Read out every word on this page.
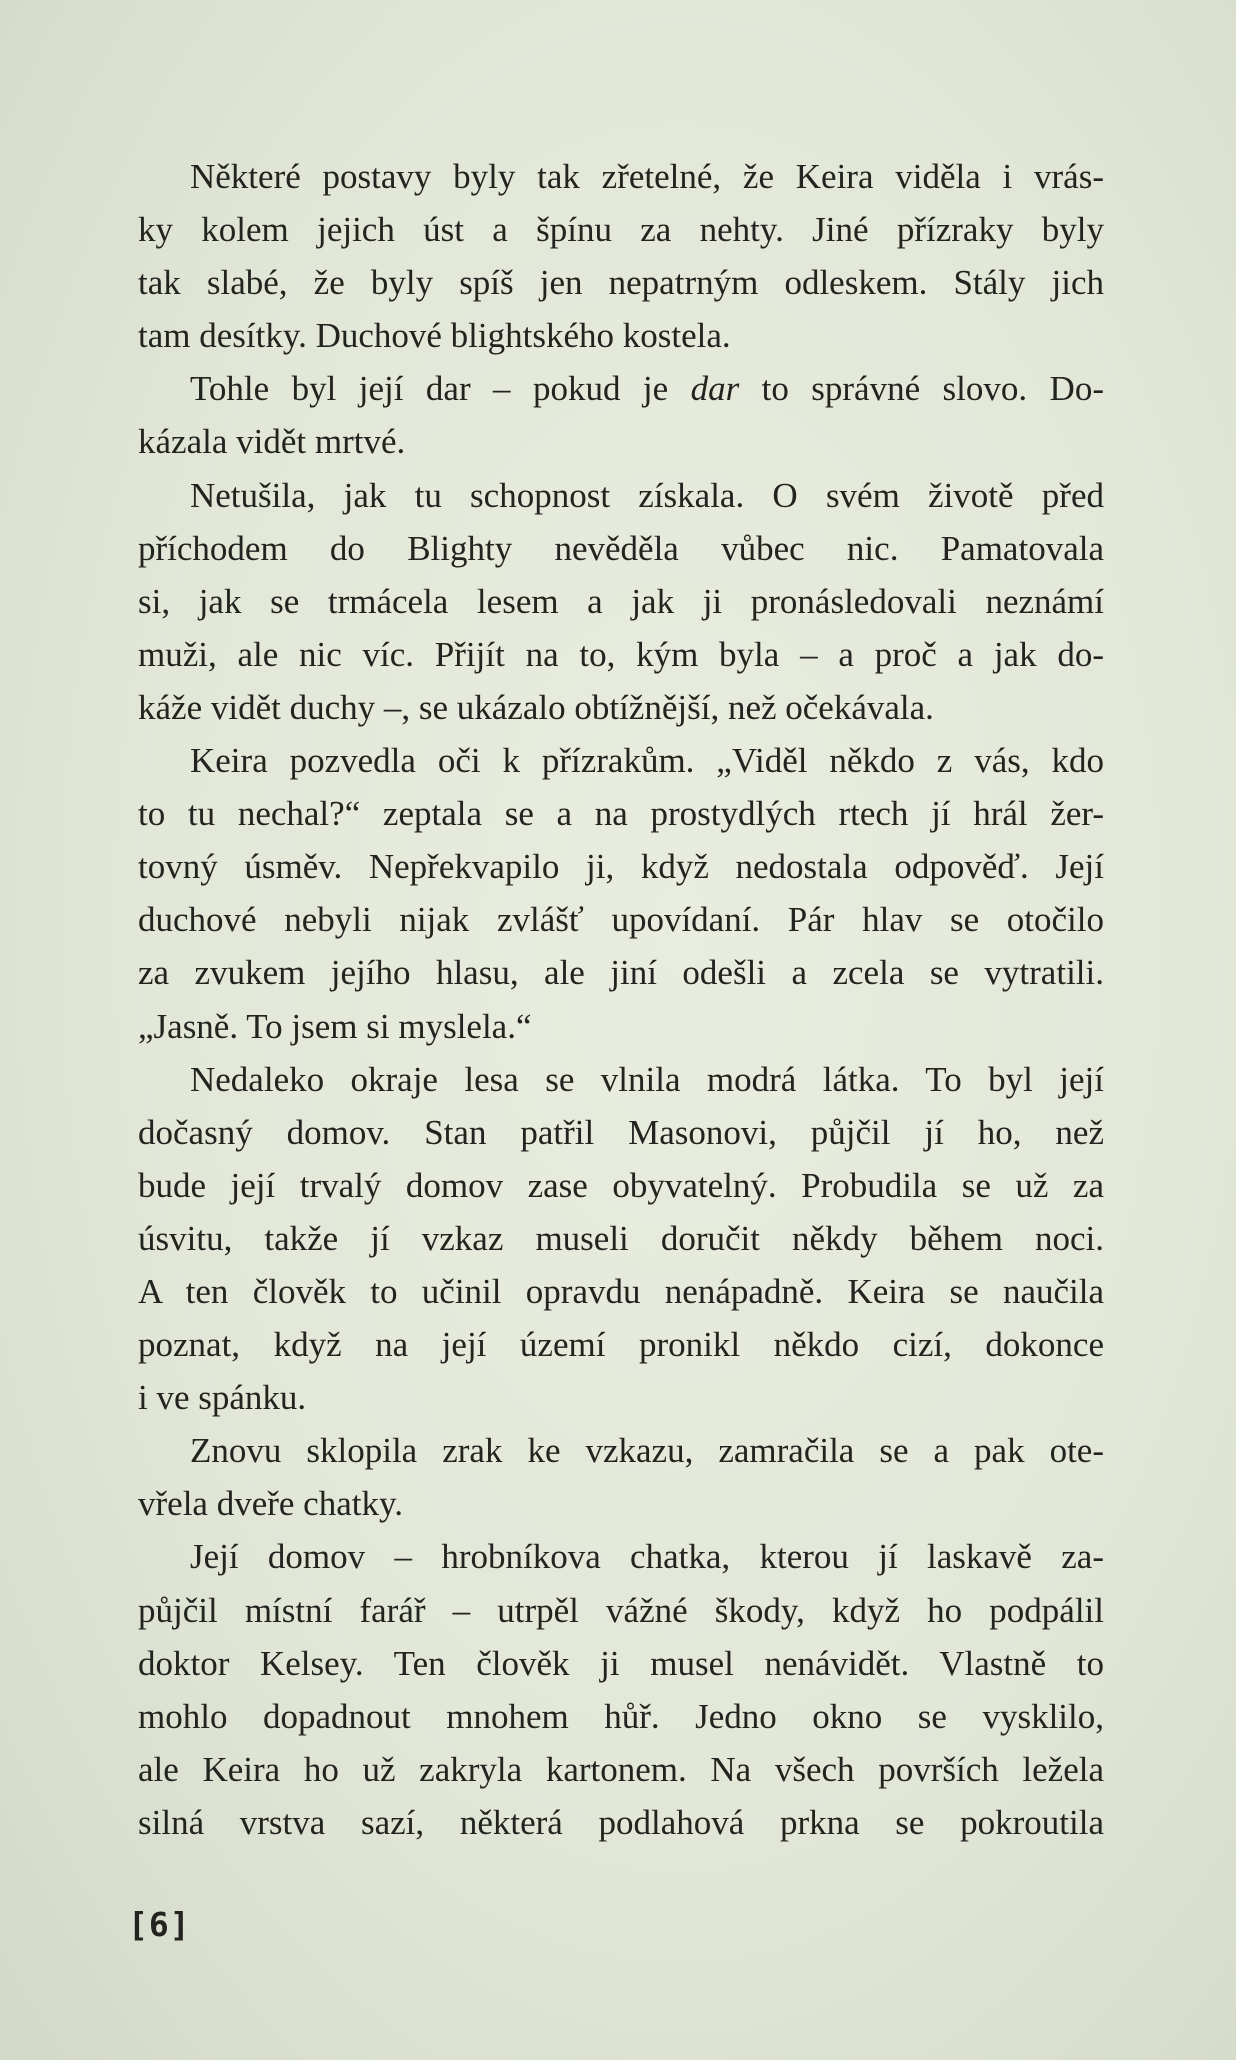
Některé postavy byly tak zřetelné, že Keira viděla i vrás-
ky kolem jejich úst a špínu za nehty. Jiné přízraky byly
tak slabé, že byly spíš jen nepatrným odleskem. Stály jich
tam desítky. Duchové blightského kostela.
Tohle byl její dar – pokud je dar to správné slovo. Do-
kázala vidět mrtvé.
Netušila, jak tu schopnost získala. O svém životě před
příchodem do Blighty nevěděla vůbec nic. Pamatovala
si, jak se trmácela lesem a jak ji pronásledovali neznámí
muži, ale nic víc. Přijít na to, kým byla – a proč a jak do-
káže vidět duchy –, se ukázalo obtížnější, než očekávala.
Keira pozvedla oči k přízrakům. „Viděl někdo z vás, kdo
to tu nechal?“ zeptala se a na prostydlých rtech jí hrál žer-
tovný úsměv. Nepřekvapilo ji, když nedostala odpověď. Její
duchové nebyli nijak zvlášť upovídaní. Pár hlav se otočilo
za zvukem jejího hlasu, ale jiní odešli a zcela se vytratili.
„Jasně. To jsem si myslela.“
Nedaleko okraje lesa se vlnila modrá látka. To byl její
dočasný domov. Stan patřil Masonovi, půjčil jí ho, než
bude její trvalý domov zase obyvatelný. Probudila se už za
úsvitu, takže jí vzkaz museli doručit někdy během noci.
A ten člověk to učinil opravdu nenápadně. Keira se naučila
poznat, když na její území pronikl někdo cizí, dokonce
i ve spánku.
Znovu sklopila zrak ke vzkazu, zamračila se a pak ote-
vřela dveře chatky.
Její domov – hrobníkova chatka, kterou jí laskavě za-
půjčil místní farář – utrpěl vážné škody, když ho podpálil
doktor Kelsey. Ten člověk ji musel nenávidět. Vlastně to
mohlo dopadnout mnohem hůř. Jedno okno se vysklilo,
ale Keira ho už zakryla kartonem. Na všech površích ležela
silná vrstva sazí, některá podlahová prkna se pokroutila
[6]
